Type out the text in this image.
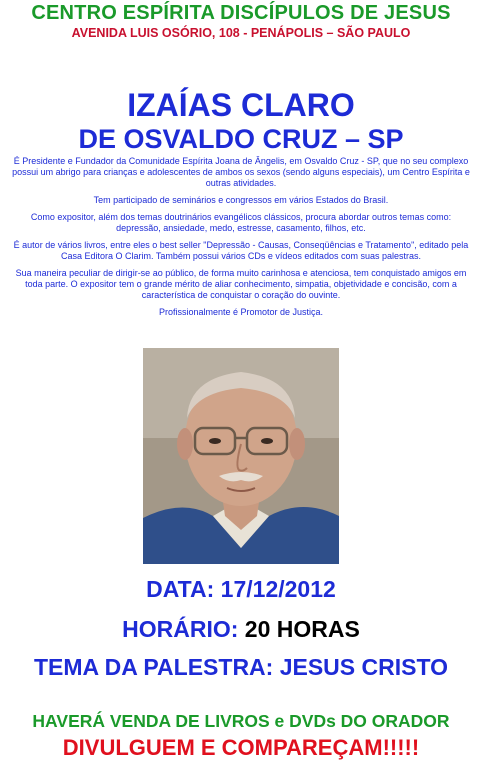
CENTRO ESPÍRITA DISCÍPULOS DE JESUS
AVENIDA LUIS OSÓRIO, 108 - PENÁPOLIS – SÃO PAULO
IZAÍAS CLARO
DE OSVALDO CRUZ – SP

É Presidente e Fundador da Comunidade Espírita Joana de Ângelis, em Osvaldo Cruz - SP, que no seu complexo possui um abrigo para crianças e adolescentes de ambos os sexos (sendo alguns especiais), um Centro Espírita e outras atividades.

Tem participado de seminários e congressos em vários Estados do Brasil.

Como expositor, além dos temas doutrinários evangélicos clássicos, procura abordar outros temas como: depressão, ansiedade, medo, estresse, casamento, filhos, etc.

É autor de vários livros, entre eles o best seller "Depressão - Causas, Conseqüências e Tratamento", editado pela Casa Editora O Clarim. Também possui vários CDs e vídeos editados com suas palestras.

Sua maneira peculiar de dirigir-se ao público, de forma muito carinhosa e atenciosa, tem conquistado amigos em toda parte. O expositor tem o grande mérito de aliar conhecimento, simpatia, objetividade e concisão, com a característica de conquistar o coração do ouvinte.

Profissionalmente é Promotor de Justiça.

DATA: 17/12/2012
HORÁRIO: 20 HORAS
TEMA DA PALESTRA: JESUS CRISTO
HAVERÁ VENDA DE LIVROS e DVDs DO ORADOR
DIVULGUEM E COMPAREÇAM!!!!!
